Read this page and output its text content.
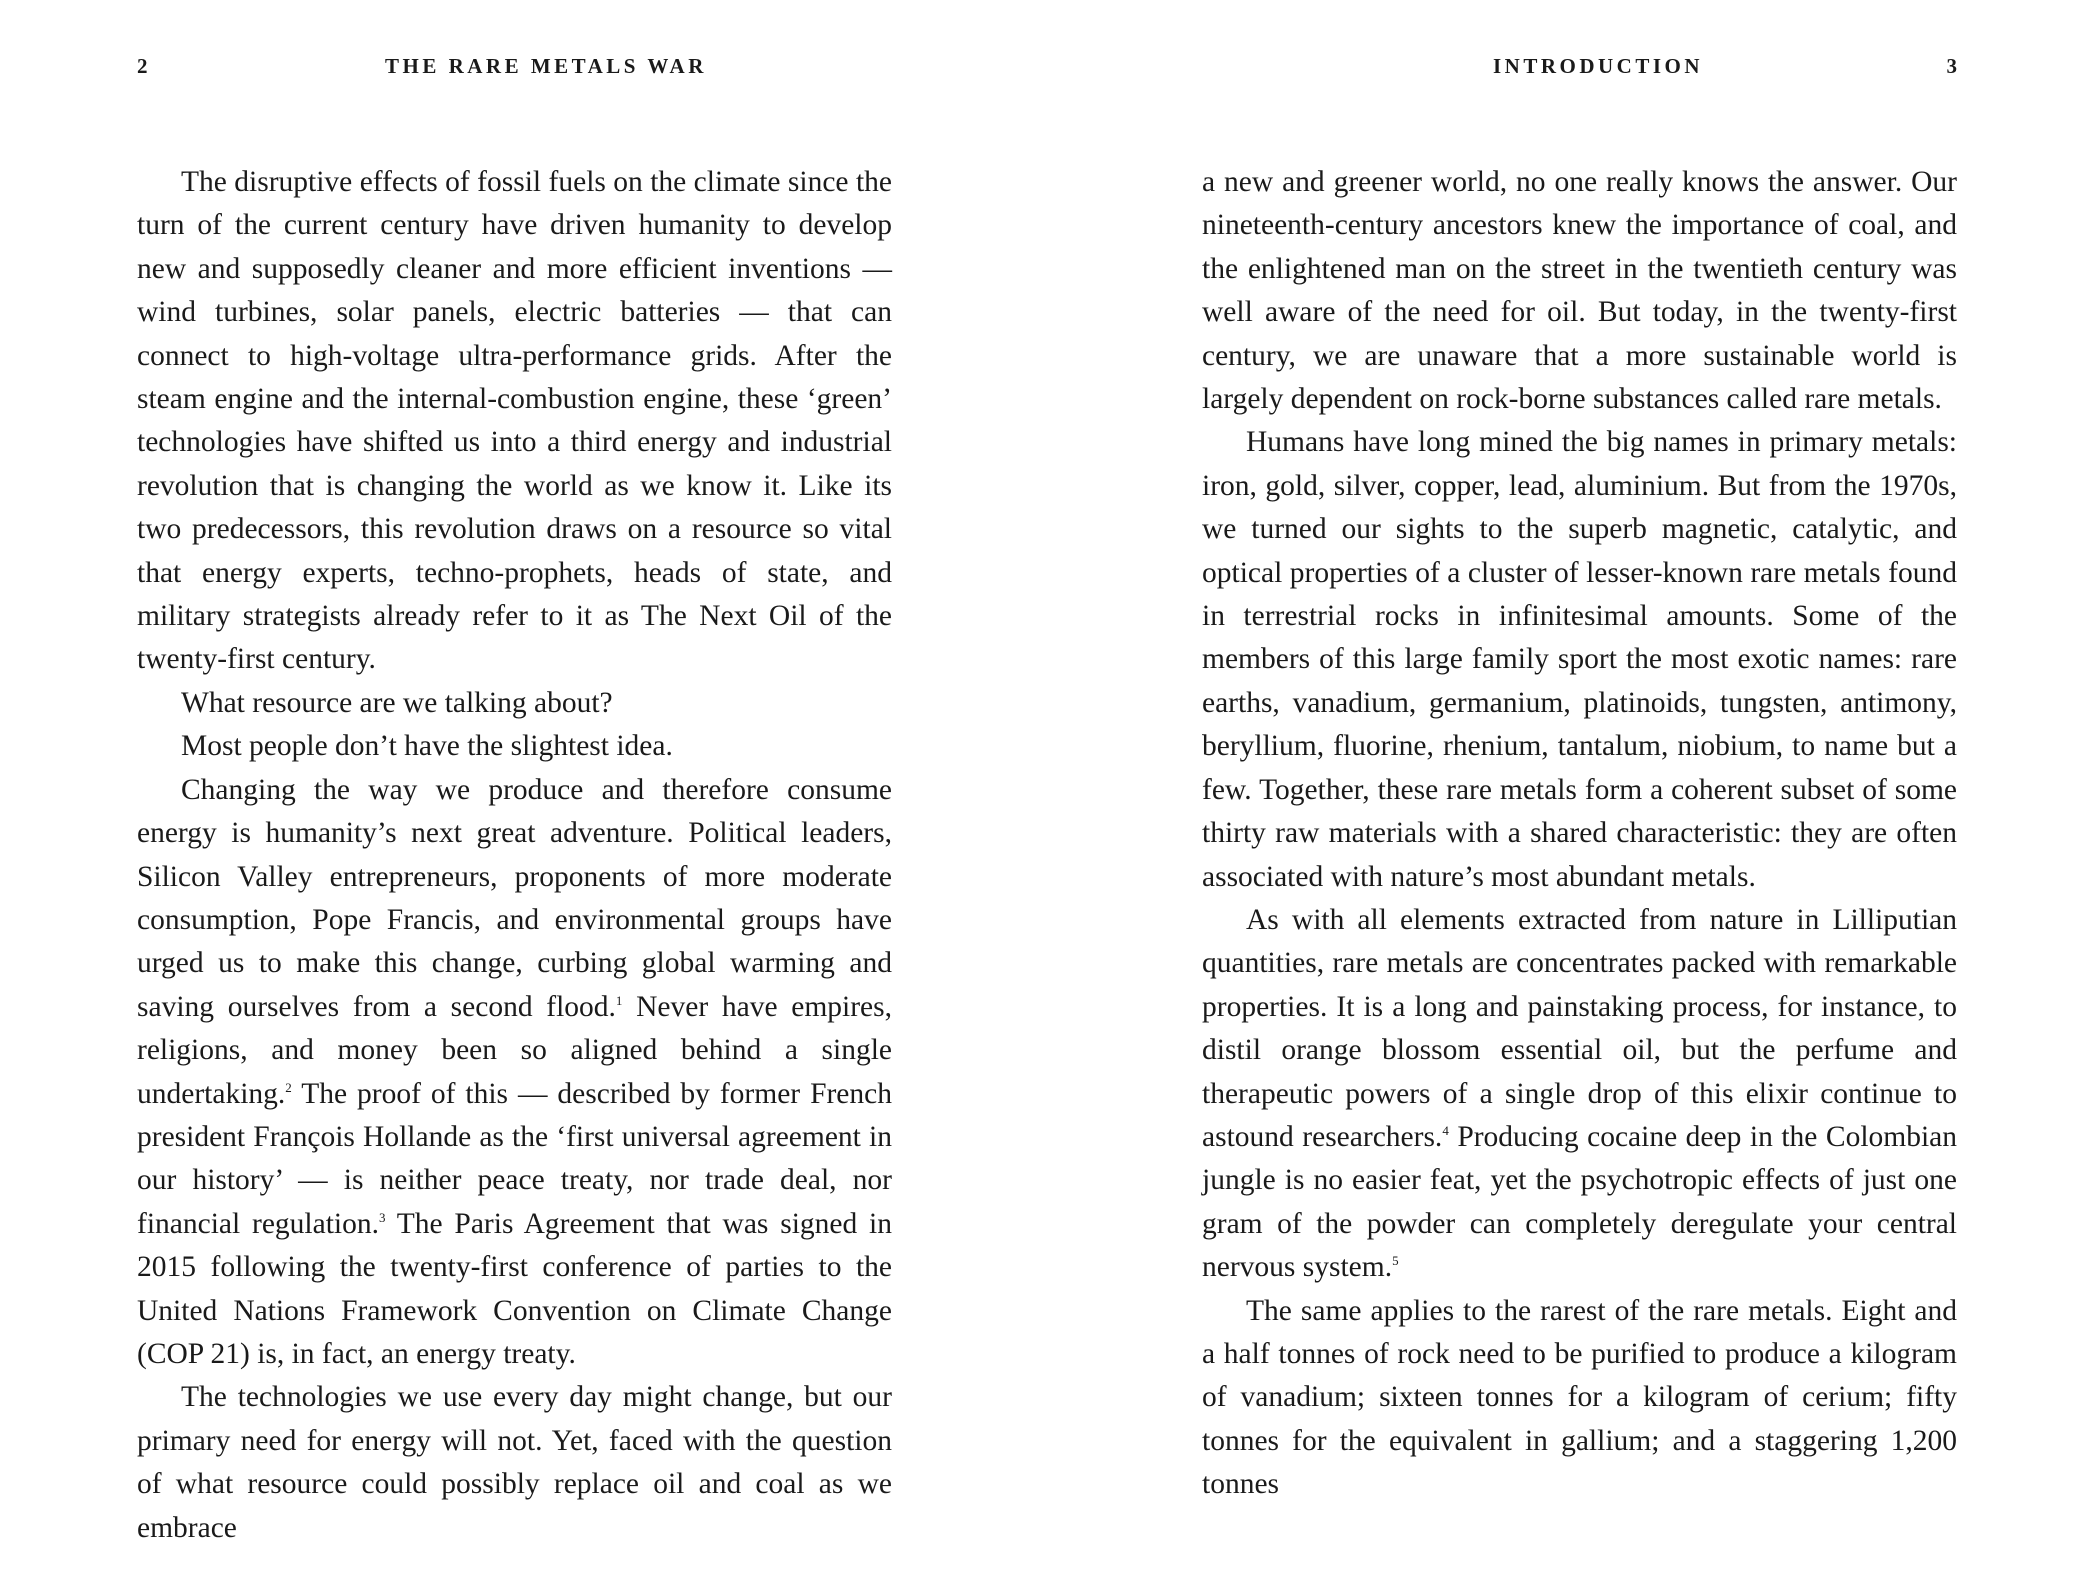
2	THE RARE METALS WAR

The disruptive effects of fossil fuels on the climate since the turn of the current century have driven humanity to develop new and supposedly cleaner and more efficient inventions — wind turbines, solar panels, electric batteries — that can connect to high-voltage ultra-performance grids. After the steam engine and the internal-combustion engine, these ‘green’ technologies have shifted us into a third energy and industrial revolution that is changing the world as we know it. Like its two predecessors, this revolution draws on a resource so vital that energy experts, techno-prophets, heads of state, and military strategists already refer to it as The Next Oil of the twenty-first century.

What resource are we talking about?

Most people don’t have the slightest idea.

Changing the way we produce and therefore consume energy is humanity’s next great adventure. Political leaders, Silicon Valley entrepreneurs, proponents of more moderate consumption, Pope Francis, and environmental groups have urged us to make this change, curbing global warming and saving ourselves from a second flood.$^1$ Never have empires, religions, and money been so aligned behind a single undertaking.$^2$ The proof of this — described by former French president François Hollande as the ‘first universal agreement in our history’ — is neither peace treaty, nor trade deal, nor financial regulation.$^3$ The Paris Agreement that was signed in 2015 following the twenty-first conference of parties to the United Nations Framework Convention on Climate Change (COP 21) is, in fact, an energy treaty.

The technologies we use every day might change, but our primary need for energy will not. Yet, faced with the question of what resource could possibly replace oil and coal as we embrace

INTRODUCTION	3

a new and greener world, no one really knows the answer. Our nineteenth-century ancestors knew the importance of coal, and the enlightened man on the street in the twentieth century was well aware of the need for oil. But today, in the twenty-first century, we are unaware that a more sustainable world is largely dependent on rock-borne substances called rare metals.

Humans have long mined the big names in primary metals: iron, gold, silver, copper, lead, aluminium. But from the 1970s, we turned our sights to the superb magnetic, catalytic, and optical properties of a cluster of lesser-known rare metals found in terrestrial rocks in infinitesimal amounts. Some of the members of this large family sport the most exotic names: rare earths, vanadium, germanium, platinoids, tungsten, antimony, beryllium, fluorine, rhenium, tantalum, niobium, to name but a few. Together, these rare metals form a coherent subset of some thirty raw materials with a shared characteristic: they are often associated with nature’s most abundant metals.

As with all elements extracted from nature in Lilliputian quantities, rare metals are concentrates packed with remarkable properties. It is a long and painstaking process, for instance, to distil orange blossom essential oil, but the perfume and therapeutic powers of a single drop of this elixir continue to astound researchers.$^4$ Producing cocaine deep in the Colombian jungle is no easier feat, yet the psychotropic effects of just one gram of the powder can completely deregulate your central nervous system.$^5$

The same applies to the rarest of the rare metals. Eight and a half tonnes of rock need to be purified to produce a kilogram of vanadium; sixteen tonnes for a kilogram of cerium; fifty tonnes for the equivalent in gallium; and a staggering 1,200 tonnes
